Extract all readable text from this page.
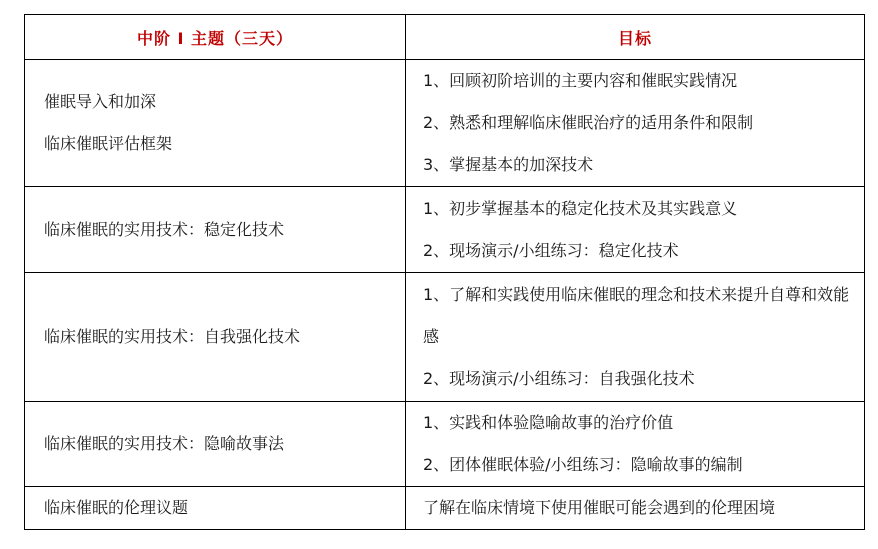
中阶 Ⅰ 主题（三天）	目标

催眠导入和加深
临床催眠评估框架	1、回顾初阶培训的主要内容和催眠实践情况
2、熟悉和理解临床催眠治疗的适用条件和限制
3、掌握基本的加深技术

临床催眠的实用技术：稳定化技术	1、初步掌握基本的稳定化技术及其实践意义
2、现场演示/小组练习：稳定化技术

临床催眠的实用技术：自我强化技术	1、了解和实践使用临床催眠的理念和技术来提升自尊和效能感
2、现场演示/小组练习：自我强化技术

临床催眠的实用技术：隐喻故事法	1、实践和体验隐喻故事的治疗价值
2、团体催眠体验/小组练习：隐喻故事的编制

临床催眠的伦理议题	了解在临床情境下使用催眠可能会遇到的伦理困境
